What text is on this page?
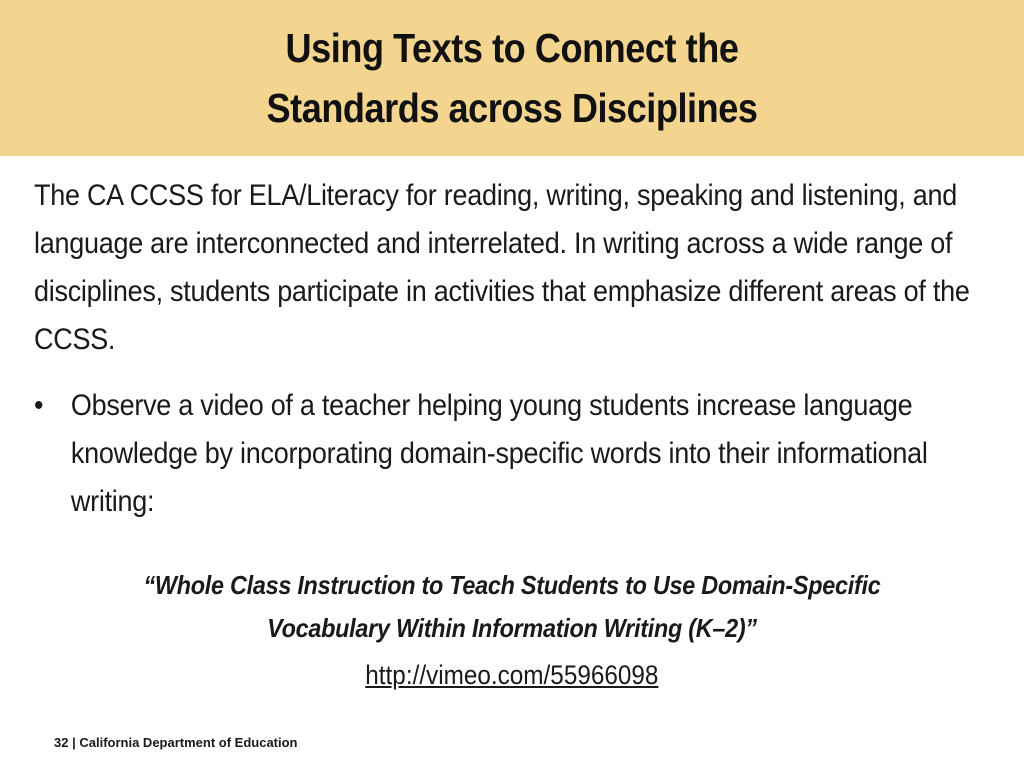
Using Texts to Connect the
Standards across Disciplines

The CA CCSS for ELA/Literacy for reading, writing, speaking and listening, and language are interconnected and interrelated. In writing across a wide range of disciplines, students participate in activities that emphasize different areas of the CCSS.

• Observe a video of a teacher helping young students increase language knowledge by incorporating domain-specific words into their informational writing:

“Whole Class Instruction to Teach Students to Use Domain-Specific Vocabulary Within Information Writing (K–2)”

http://vimeo.com/55966098
32 | California Department of Education
